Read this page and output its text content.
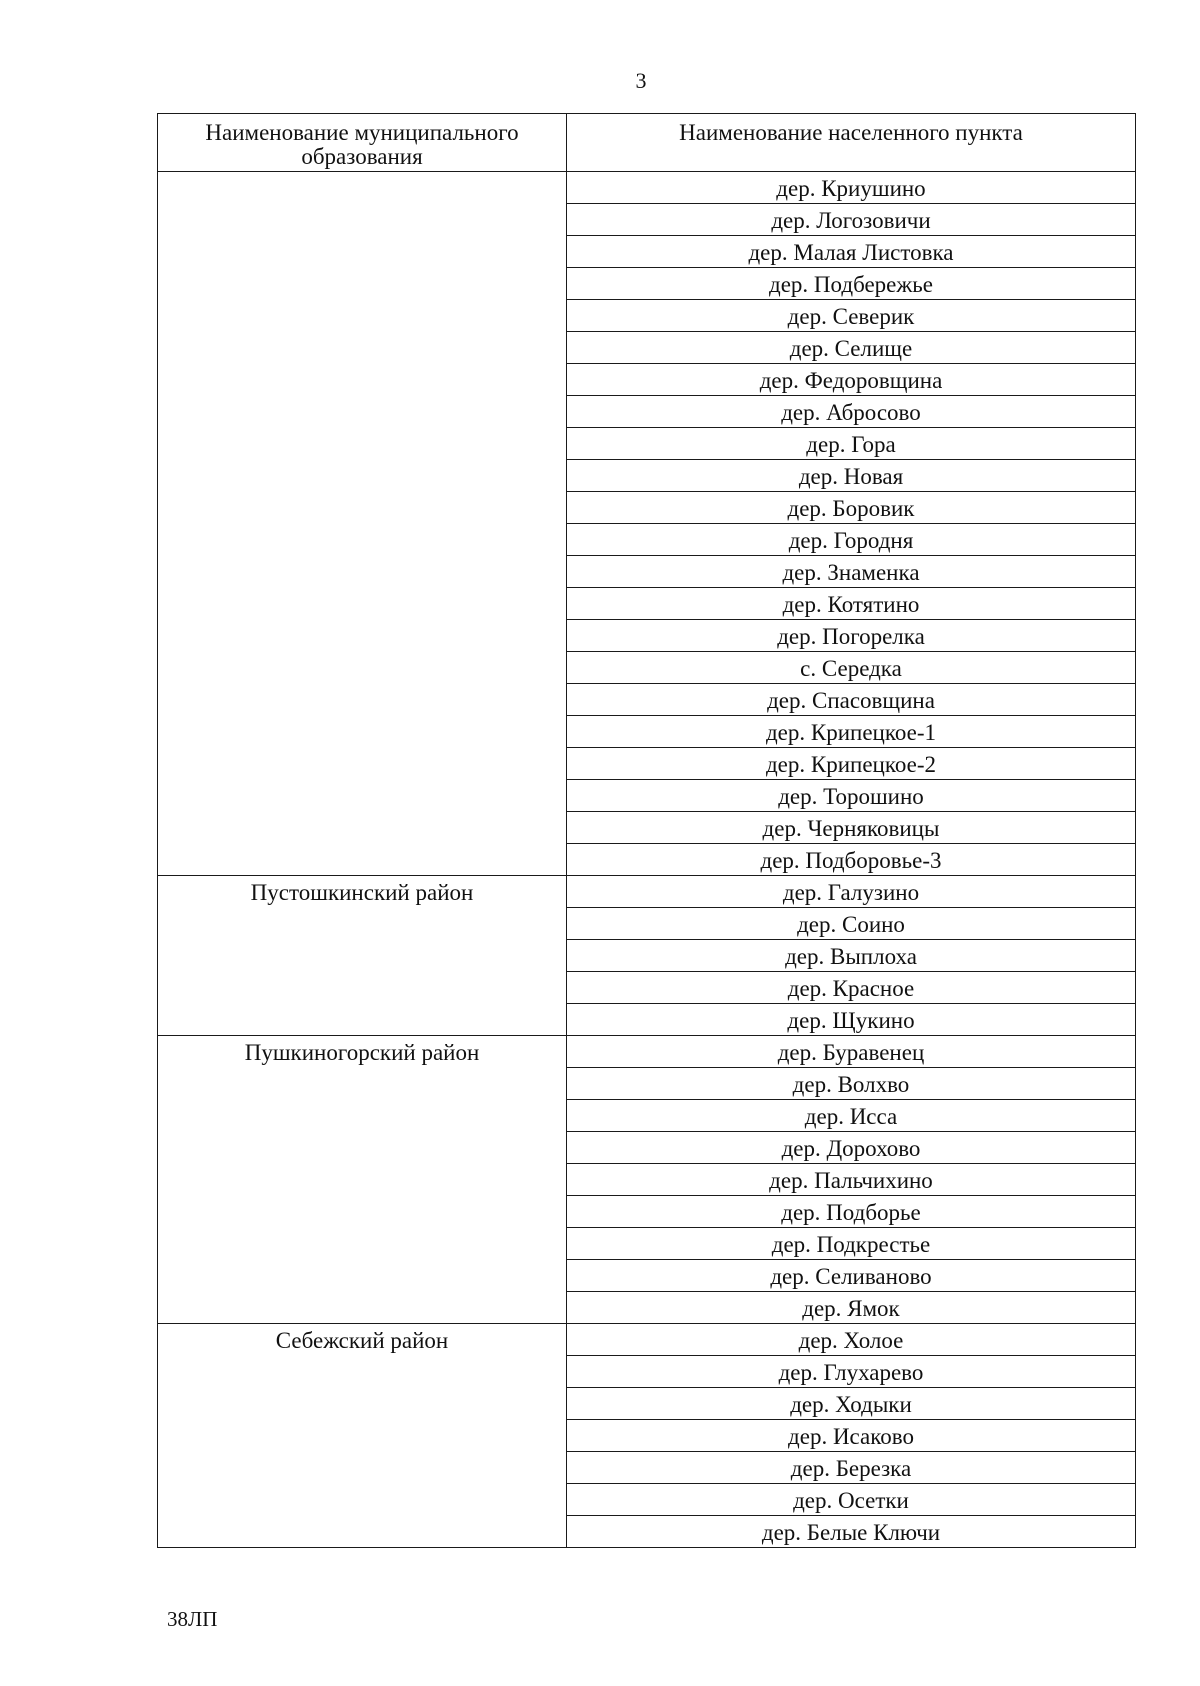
3
Наименование муниципального образования	Наименование населенного пункта
	дер. Криушино
	дер. Логозовичи
	дер. Малая Листовка
	дер. Подбережье
	дер. Северик
	дер. Селище
	дер. Федоровщина
	дер. Абросово
	дер. Гора
	дер. Новая
	дер. Боровик
	дер. Городня
	дер. Знаменка
	дер. Котятино
	дер. Погорелка
	с. Середка
	дер. Спасовщина
	дер. Крипецкое-1
	дер. Крипецкое-2
	дер. Торошино
	дер. Черняковицы
	дер. Подборовье-3
Пустошкинский район	дер. Галузино
	дер. Соино
	дер. Выплоха
	дер. Красное
	дер. Щукино
Пушкиногорский район	дер. Буравенец
	дер. Волхво
	дер. Исса
	дер. Дорохово
	дер. Пальчихино
	дер. Подборье
	дер. Подкрестье
	дер. Селиваново
	дер. Ямок
Себежский район	дер. Холое
	дер. Глухарево
	дер. Ходыки
	дер. Исаково
	дер. Березка
	дер. Осетки
	дер. Белые Ключи
38ЛП
